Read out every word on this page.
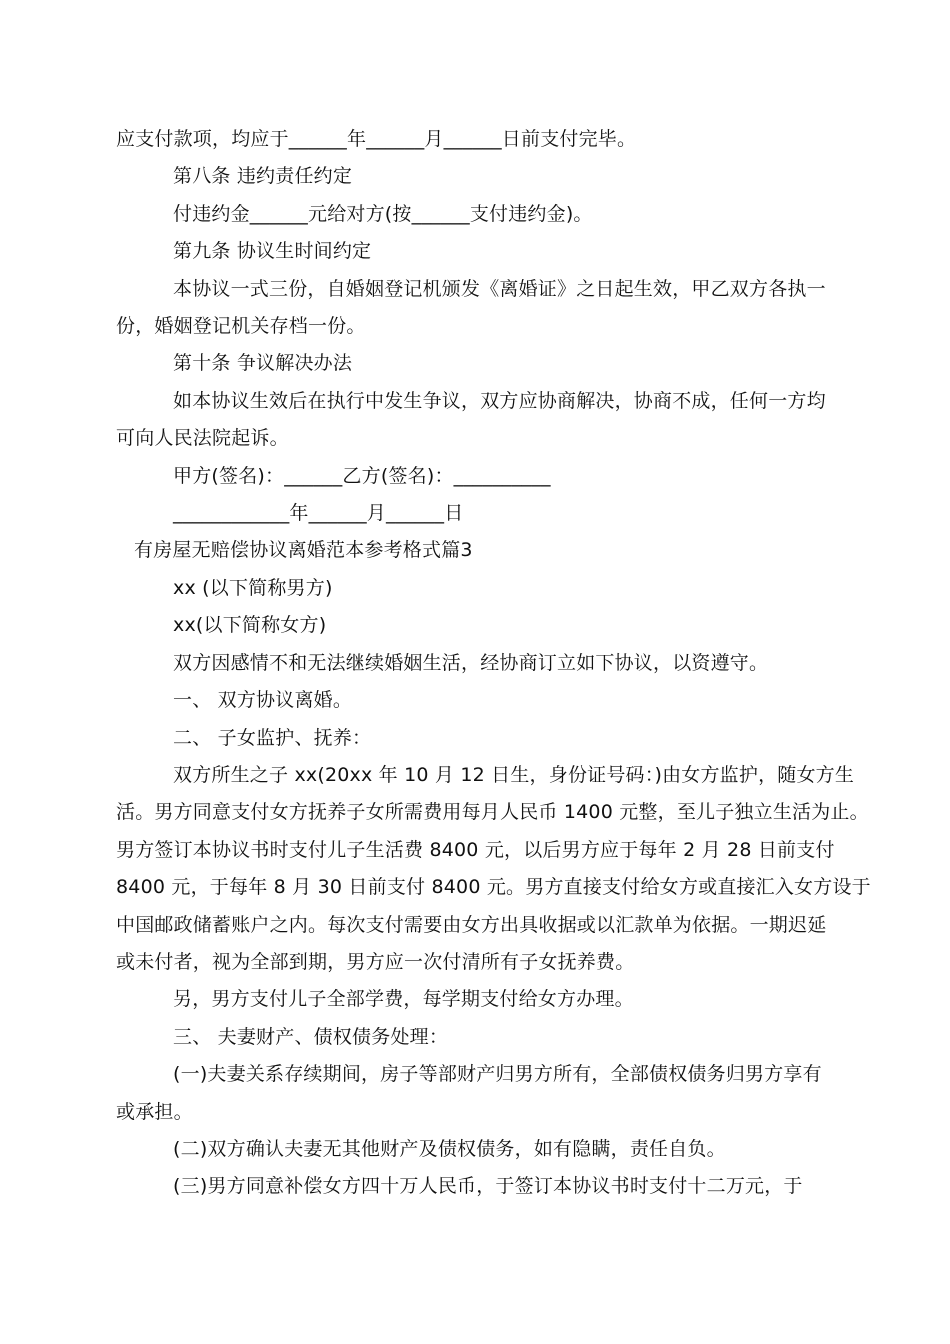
应支付款项，均应于______年______月______日前支付完毕。
第八条 违约责任约定
付违约金______元给对方(按______支付违约金)。
第九条 协议生时间约定
本协议一式三份，自婚姻登记机颁发《离婚证》之日起生效，甲乙双方各执一
份，婚姻登记机关存档一份。
第十条 争议解决办法
如本协议生效后在执行中发生争议，双方应协商解决，协商不成，任何一方均
可向人民法院起诉。
甲方(签名)：______乙方(签名)：__________
____________年______月______日
有房屋无赔偿协议离婚范本参考格式篇3
xx (以下简称男方)
xx(以下简称女方)
双方因感情不和无法继续婚姻生活，经协商订立如下协议，以资遵守。
一、 双方协议离婚。
二、 子女监护、抚养：
双方所生之子 xx(20xx 年 10 月 12 日生，身份证号码：)由女方监护，随女方生
活。男方同意支付女方抚养子女所需费用每月人民币 1400 元整，至儿子独立生活为止。
男方签订本协议书时支付儿子生活费 8400 元，以后男方应于每年 2 月 28 日前支付
8400 元，于每年 8 月 30 日前支付 8400 元。男方直接支付给女方或直接汇入女方设于
中国邮政储蓄账户之内。每次支付需要由女方出具收据或以汇款单为依据。一期迟延
或未付者，视为全部到期，男方应一次付清所有子女抚养费。
另，男方支付儿子全部学费，每学期支付给女方办理。
三、 夫妻财产、债权债务处理：
(一)夫妻关系存续期间，房子等部财产归男方所有，全部债权债务归男方享有
或承担。
(二)双方确认夫妻无其他财产及债权债务，如有隐瞒，责任自负。
(三)男方同意补偿女方四十万人民币，于签订本协议书时支付十二万元，于
